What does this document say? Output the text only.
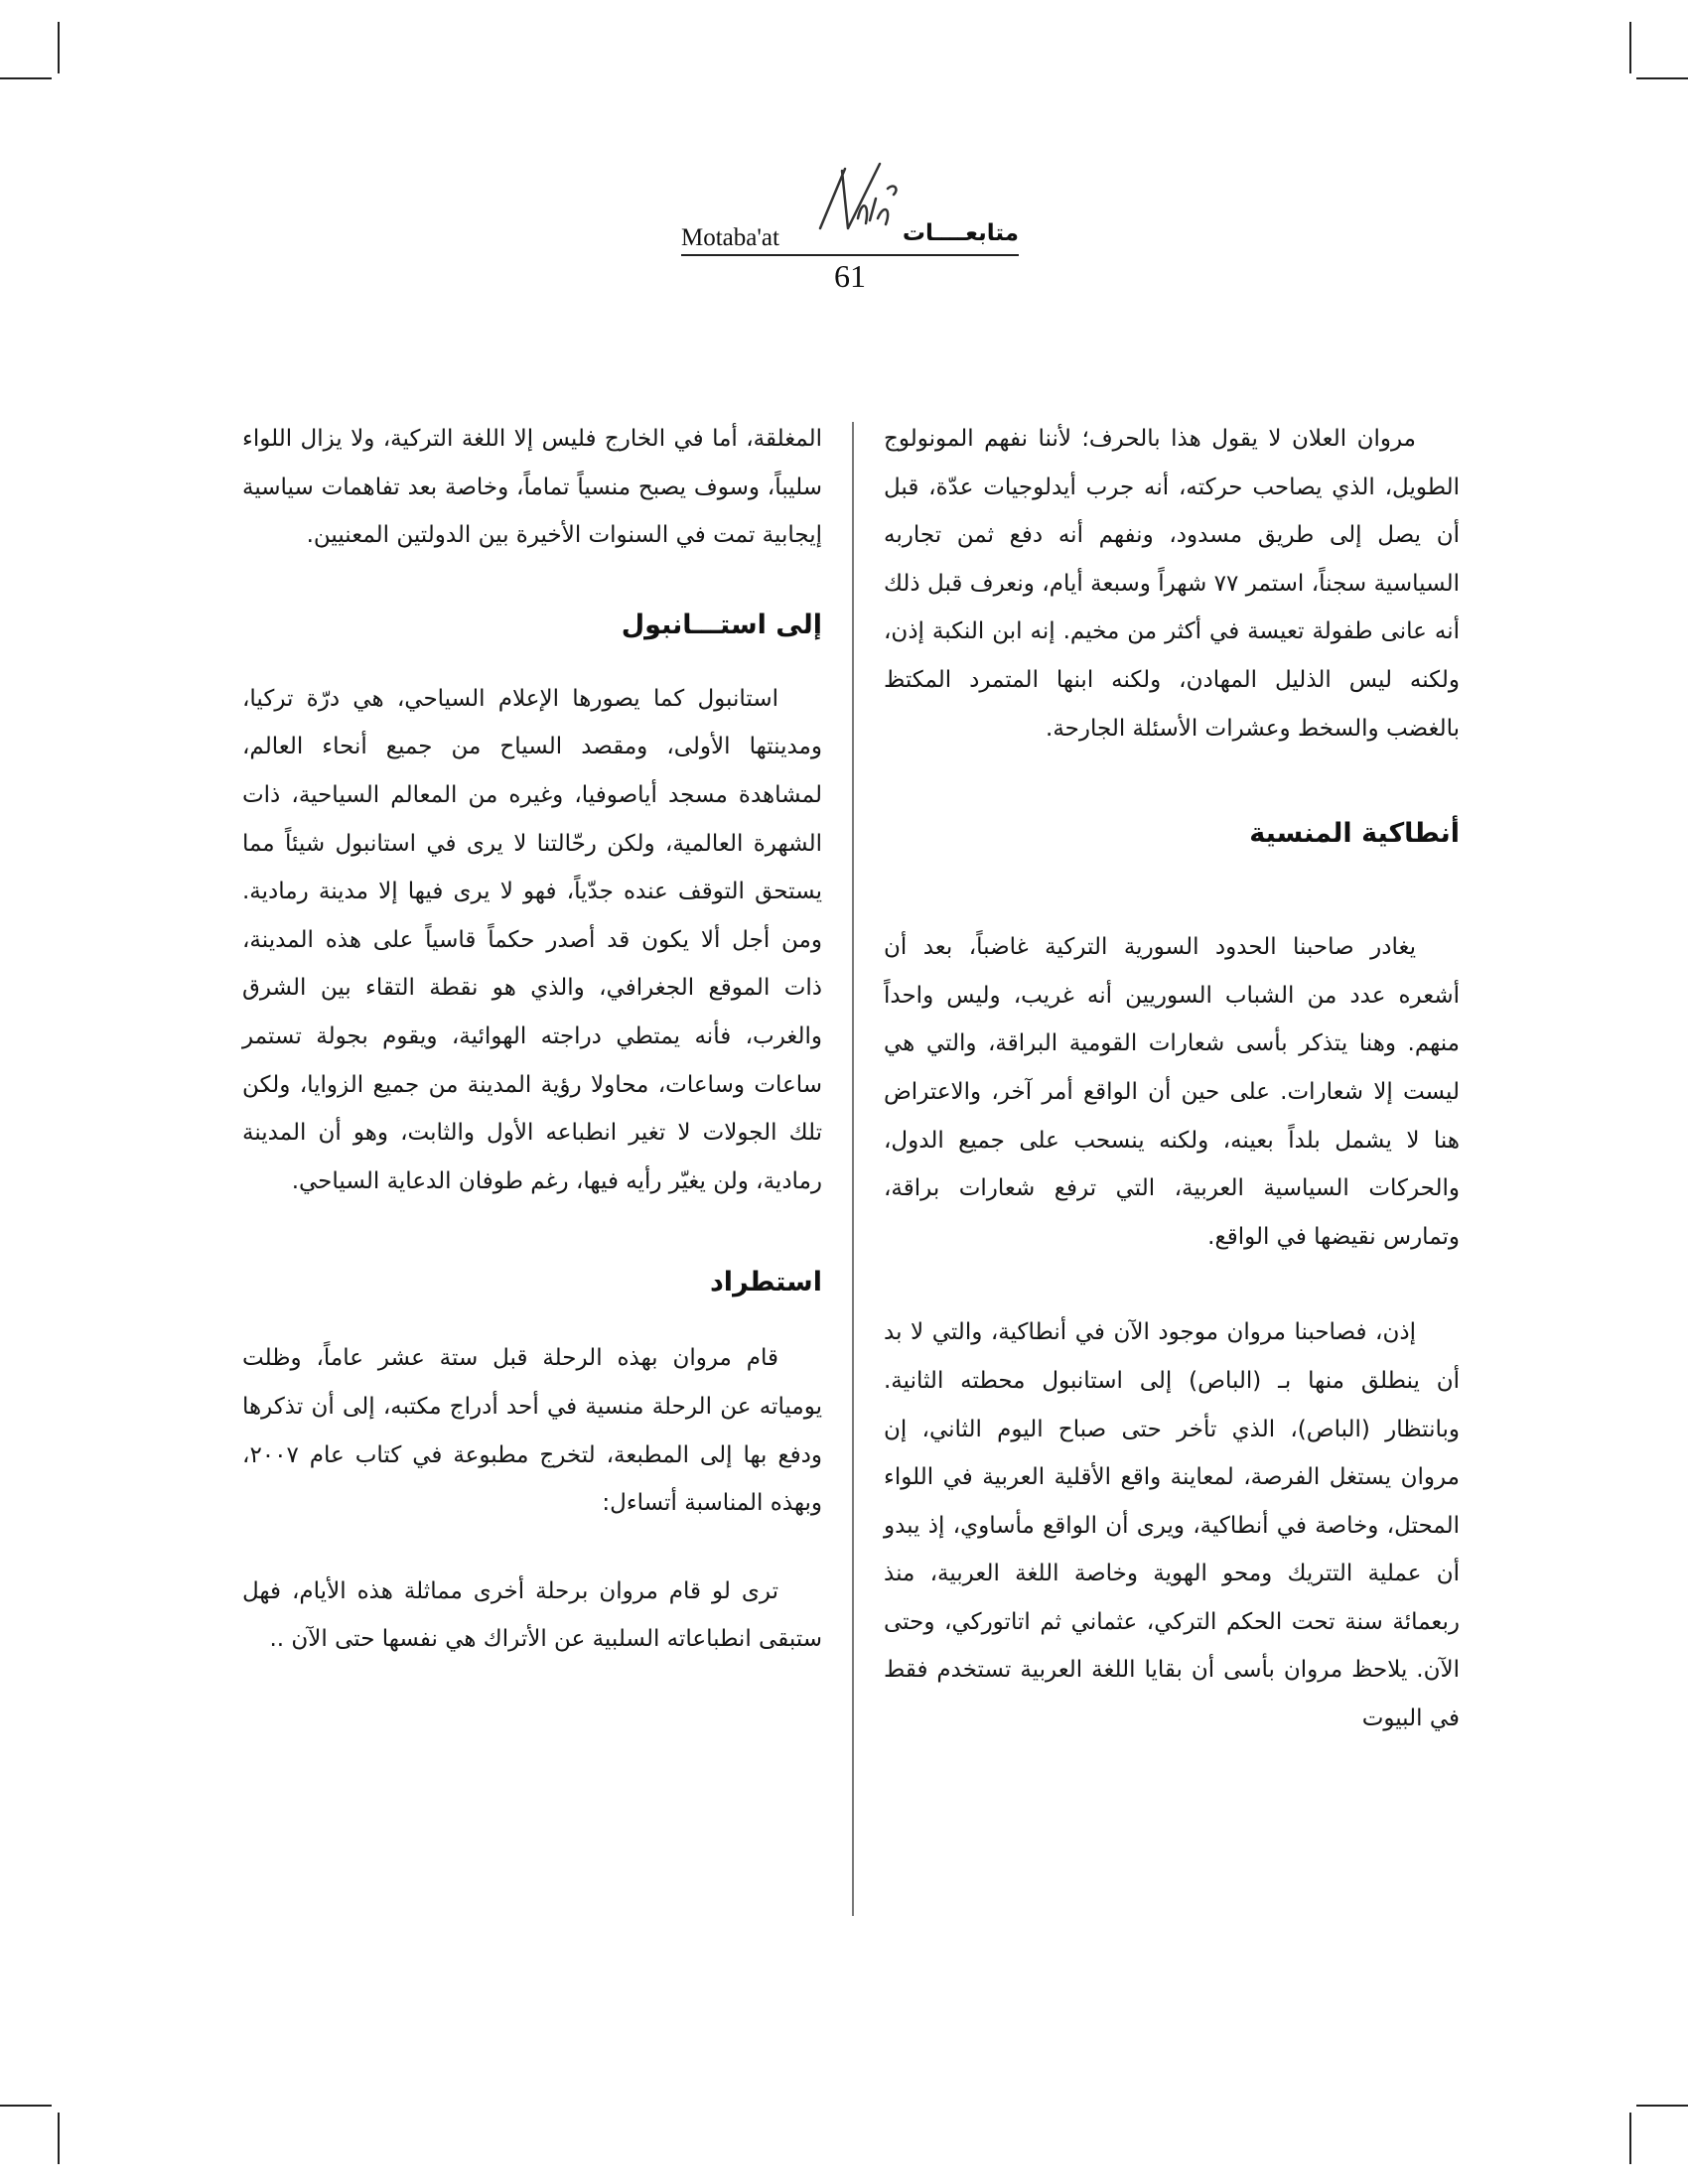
Motaba'at	متابعــــات
61

مروان العلان لا يقول هذا بالحرف؛ لأننا نفهم المونولوج الطويل، الذي يصاحب حركته، أنه جرب أيدلوجيات عدّة، قبل أن يصل إلى طريق مسدود، ونفهم أنه دفع ثمن تجاربه السياسية سجناً، استمر ٧٧ شهراً وسبعة أيام، ونعرف قبل ذلك أنه عانى طفولة تعيسة في أكثر من مخيم. إنه ابن النكبة إذن، ولكنه ليس الذليل المهادن، ولكنه ابنها المتمرد المكتظ بالغضب والسخط وعشرات الأسئلة الجارحة.

أنطاكية المنسية

يغادر صاحبنا الحدود السورية التركية غاضباً، بعد أن أشعره عدد من الشباب السوريين أنه غريب، وليس واحداً منهم. وهنا يتذكر بأسى شعارات القومية البراقة، والتي هي ليست إلا شعارات. على حين أن الواقع أمر آخر، والاعتراض هنا لا يشمل بلداً بعينه، ولكنه ينسحب على جميع الدول، والحركات السياسية العربية، التي ترفع شعارات براقة، وتمارس نقيضها في الواقع.

إذن، فصاحبنا مروان موجود الآن في أنطاكية، والتي لا بد أن ينطلق منها بـ (الباص) إلى استانبول محطته الثانية. وبانتظار (الباص)، الذي تأخر حتى صباح اليوم الثاني، إن مروان يستغل الفرصة، لمعاينة واقع الأقلية العربية في اللواء المحتل، وخاصة في أنطاكية، ويرى أن الواقع مأساوي، إذ يبدو أن عملية التتريك ومحو الهوية وخاصة اللغة العربية، منذ ربعمائة سنة تحت الحكم التركي، عثماني ثم اتاتوركي، وحتى الآن. يلاحظ مروان بأسى أن بقايا اللغة العربية تستخدم فقط في البيوت

المغلقة، أما في الخارج فليس إلا اللغة التركية، ولا يزال اللواء سليباً، وسوف يصبح منسياً تماماً، وخاصة بعد تفاهمات سياسية إيجابية تمت في السنوات الأخيرة بين الدولتين المعنيين.

إلى استـــانبول

استانبول كما يصورها الإعلام السياحي، هي درّة تركيا، ومدينتها الأولى، ومقصد السياح من جميع أنحاء العالم، لمشاهدة مسجد أياصوفيا، وغيره من المعالم السياحية، ذات الشهرة العالمية، ولكن رحّالتنا لا يرى في استانبول شيئاً مما يستحق التوقف عنده جدّياً، فهو لا يرى فيها إلا مدينة رمادية. ومن أجل ألا يكون قد أصدر حكماً قاسياً على هذه المدينة، ذات الموقع الجغرافي، والذي هو نقطة التقاء بين الشرق والغرب، فأنه يمتطي دراجته الهوائية، ويقوم بجولة تستمر ساعات وساعات، محاولا رؤية المدينة من جميع الزوايا، ولكن تلك الجولات لا تغير انطباعه الأول والثابت، وهو أن المدينة رمادية، ولن يغيّر رأيه فيها، رغم طوفان الدعاية السياحي.

استطراد

قام مروان بهذه الرحلة قبل ستة عشر عاماً، وظلت يومياته عن الرحلة منسية في أحد أدراج مكتبه، إلى أن تذكرها ودفع بها إلى المطبعة، لتخرج مطبوعة في كتاب عام ٢٠٠٧، وبهذه المناسبة أتساءل:

ترى لو قام مروان برحلة أخرى مماثلة هذه الأيام، فهل ستبقى انطباعاته السلبية عن الأتراك هي نفسها حتى الآن ..
